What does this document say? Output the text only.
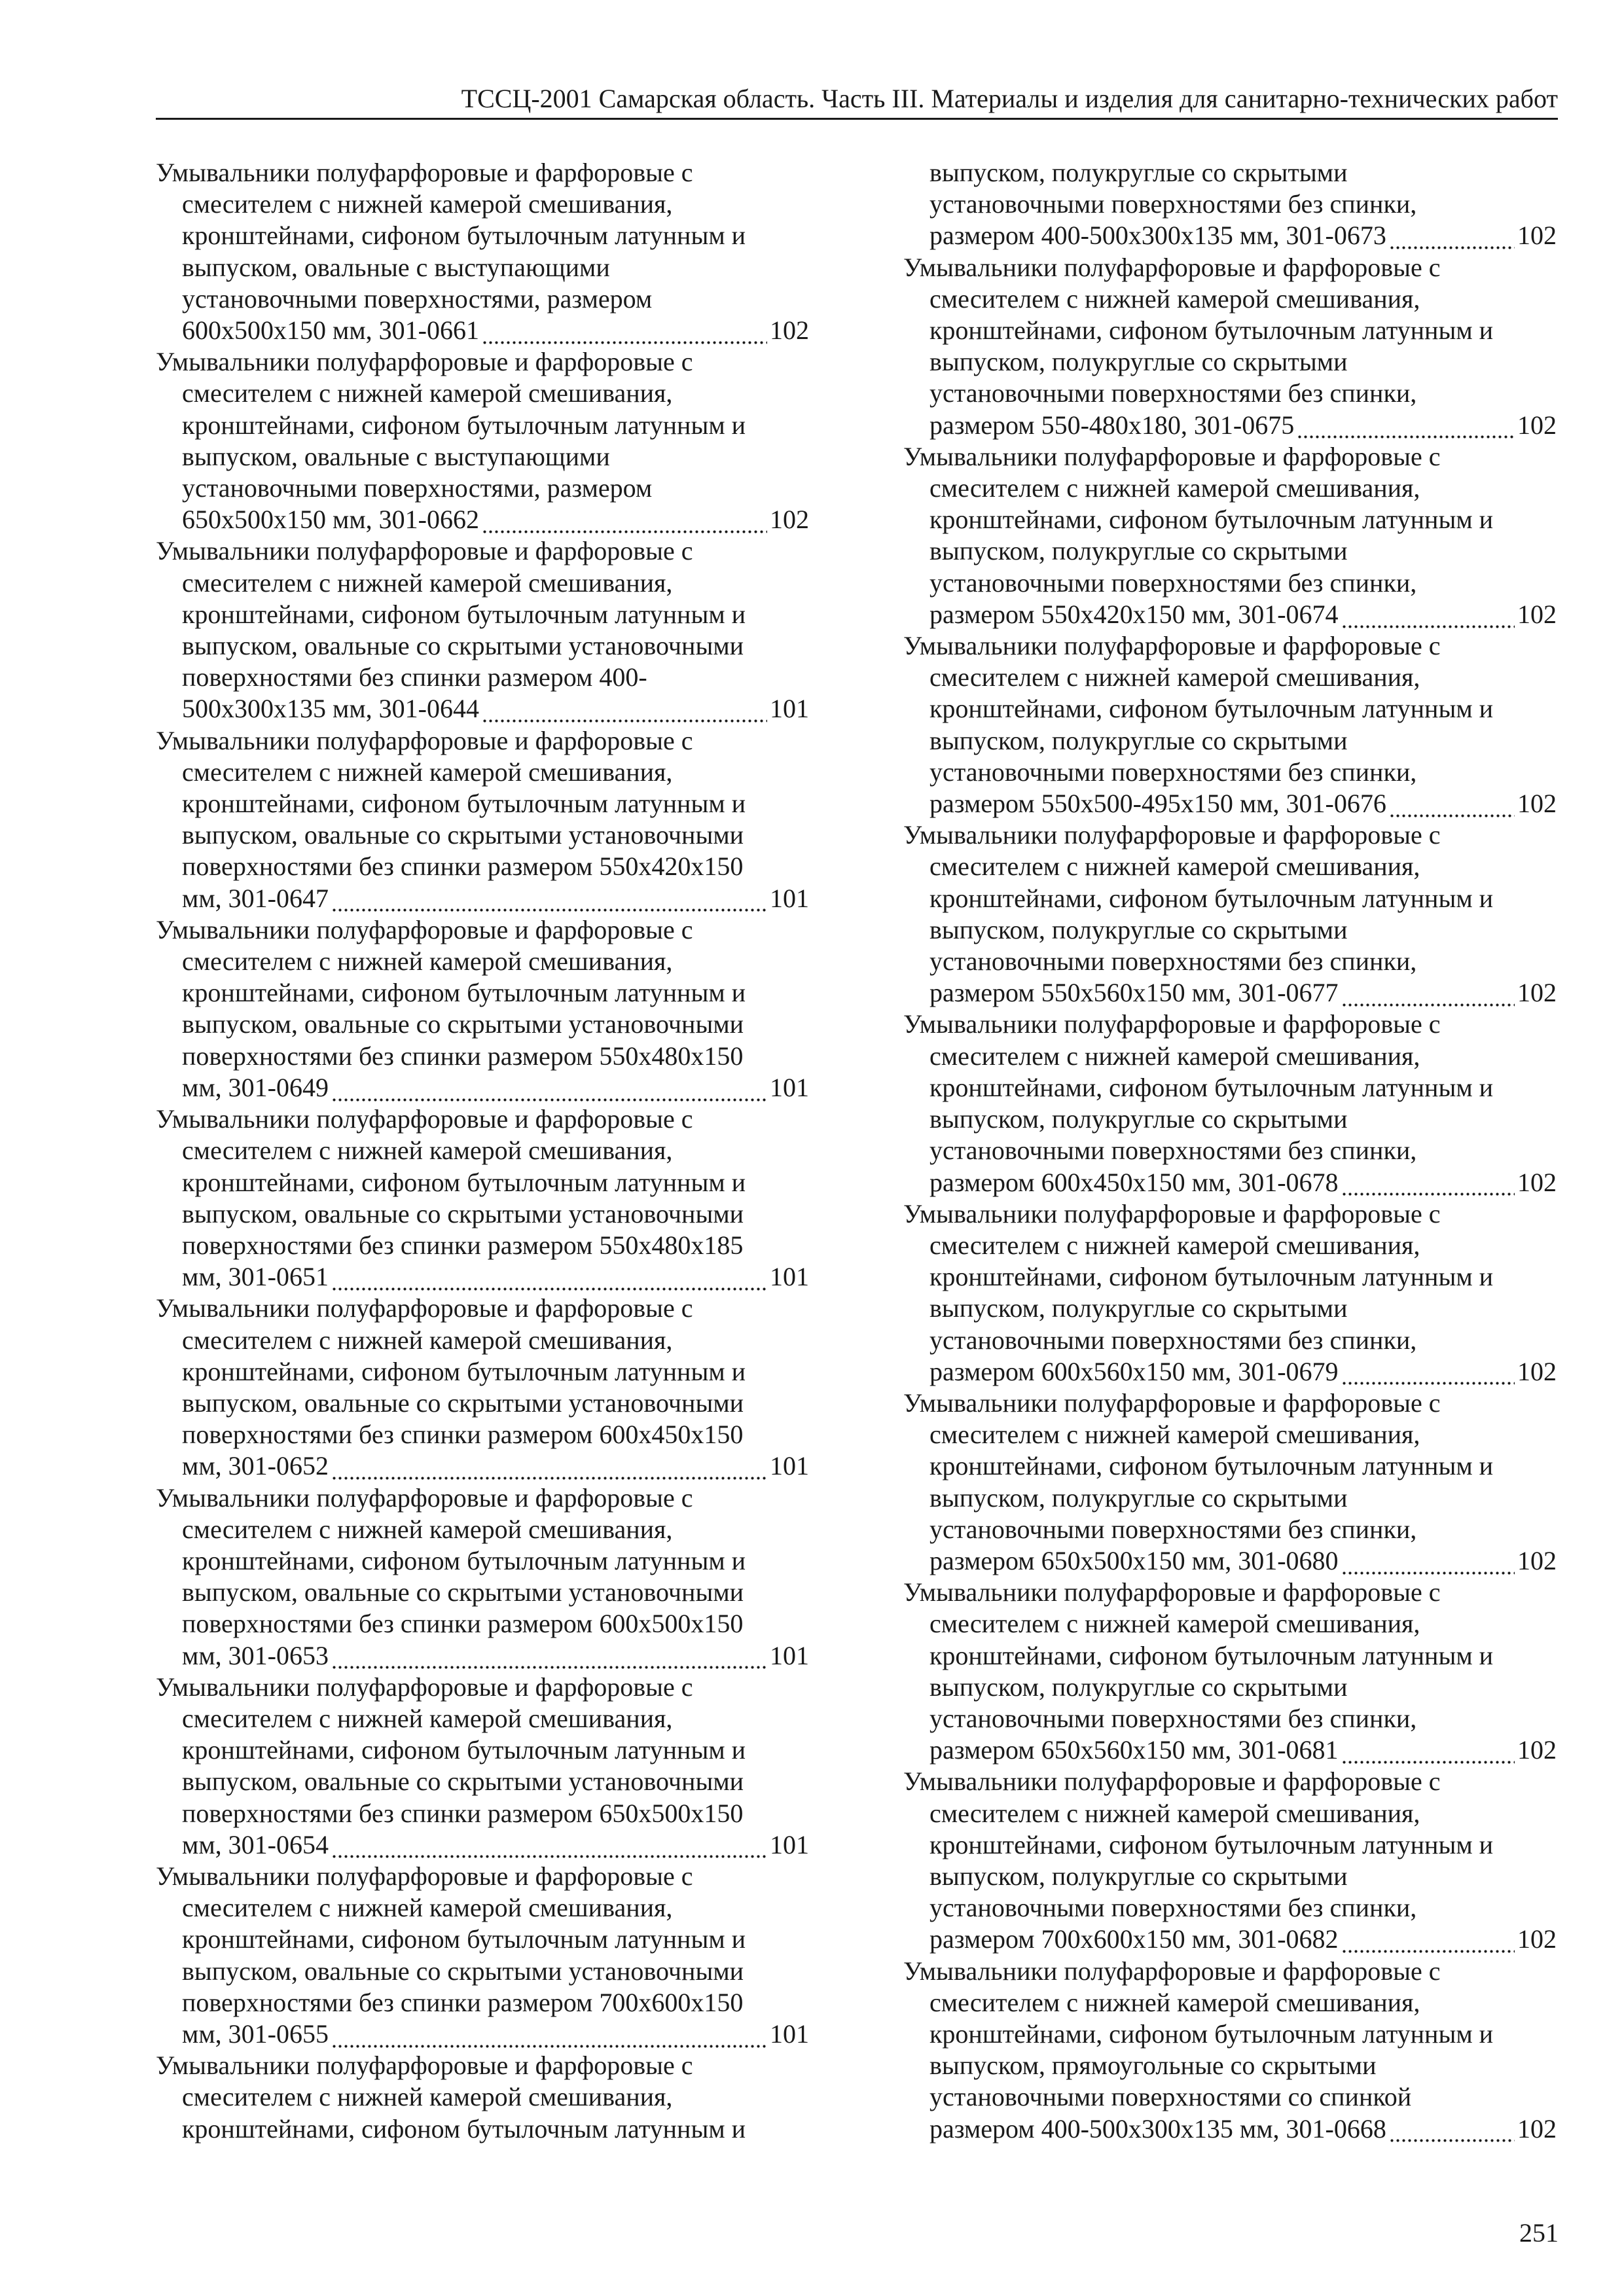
ТССЦ-2001 Самарская область. Часть III. Материалы и изделия для санитарно-технических работ
Умывальники полуфарфоровые и фарфоровые с
смесителем с нижней камерой смешивания,
кронштейнами, сифоном бутылочным латунным и
выпуском, овальные с выступающими
установочными поверхностями, размером
600x500x150 мм, 301-0661	102
Умывальники полуфарфоровые и фарфоровые с
смесителем с нижней камерой смешивания,
кронштейнами, сифоном бутылочным латунным и
выпуском, овальные с выступающими
установочными поверхностями, размером
650x500x150 мм, 301-0662	102
Умывальники полуфарфоровые и фарфоровые с
смесителем с нижней камерой смешивания,
кронштейнами, сифоном бутылочным латунным и
выпуском, овальные со скрытыми установочными
поверхностями без спинки размером 400-
500x300x135 мм, 301-0644	101
Умывальники полуфарфоровые и фарфоровые с
смесителем с нижней камерой смешивания,
кронштейнами, сифоном бутылочным латунным и
выпуском, овальные со скрытыми установочными
поверхностями без спинки размером 550x420x150
мм, 301-0647	101
Умывальники полуфарфоровые и фарфоровые с
смесителем с нижней камерой смешивания,
кронштейнами, сифоном бутылочным латунным и
выпуском, овальные со скрытыми установочными
поверхностями без спинки размером 550x480x150
мм, 301-0649	101
Умывальники полуфарфоровые и фарфоровые с
смесителем с нижней камерой смешивания,
кронштейнами, сифоном бутылочным латунным и
выпуском, овальные со скрытыми установочными
поверхностями без спинки размером 550x480x185
мм, 301-0651	101
Умывальники полуфарфоровые и фарфоровые с
смесителем с нижней камерой смешивания,
кронштейнами, сифоном бутылочным латунным и
выпуском, овальные со скрытыми установочными
поверхностями без спинки размером 600x450x150
мм, 301-0652	101
Умывальники полуфарфоровые и фарфоровые с
смесителем с нижней камерой смешивания,
кронштейнами, сифоном бутылочным латунным и
выпуском, овальные со скрытыми установочными
поверхностями без спинки размером 600x500x150
мм, 301-0653	101
Умывальники полуфарфоровые и фарфоровые с
смесителем с нижней камерой смешивания,
кронштейнами, сифоном бутылочным латунным и
выпуском, овальные со скрытыми установочными
поверхностями без спинки размером 650x500x150
мм, 301-0654	101
Умывальники полуфарфоровые и фарфоровые с
смесителем с нижней камерой смешивания,
кронштейнами, сифоном бутылочным латунным и
выпуском, овальные со скрытыми установочными
поверхностями без спинки размером 700x600x150
мм, 301-0655	101
Умывальники полуфарфоровые и фарфоровые с
смесителем с нижней камерой смешивания,
кронштейнами, сифоном бутылочным латунным и
выпуском, полукруглые со скрытыми
установочными поверхностями без спинки,
размером 400-500x300x135 мм, 301-0673	102
Умывальники полуфарфоровые и фарфоровые с
смесителем с нижней камерой смешивания,
кронштейнами, сифоном бутылочным латунным и
выпуском, полукруглые со скрытыми
установочными поверхностями без спинки,
размером 550-480x180, 301-0675	102
Умывальники полуфарфоровые и фарфоровые с
смесителем с нижней камерой смешивания,
кронштейнами, сифоном бутылочным латунным и
выпуском, полукруглые со скрытыми
установочными поверхностями без спинки,
размером 550x420x150 мм, 301-0674	102
Умывальники полуфарфоровые и фарфоровые с
смесителем с нижней камерой смешивания,
кронштейнами, сифоном бутылочным латунным и
выпуском, полукруглые со скрытыми
установочными поверхностями без спинки,
размером 550x500-495x150 мм, 301-0676	102
Умывальники полуфарфоровые и фарфоровые с
смесителем с нижней камерой смешивания,
кронштейнами, сифоном бутылочным латунным и
выпуском, полукруглые со скрытыми
установочными поверхностями без спинки,
размером 550x560x150 мм, 301-0677	102
Умывальники полуфарфоровые и фарфоровые с
смесителем с нижней камерой смешивания,
кронштейнами, сифоном бутылочным латунным и
выпуском, полукруглые со скрытыми
установочными поверхностями без спинки,
размером 600x450x150 мм, 301-0678	102
Умывальники полуфарфоровые и фарфоровые с
смесителем с нижней камерой смешивания,
кронштейнами, сифоном бутылочным латунным и
выпуском, полукруглые со скрытыми
установочными поверхностями без спинки,
размером 600x560x150 мм, 301-0679	102
Умывальники полуфарфоровые и фарфоровые с
смесителем с нижней камерой смешивания,
кронштейнами, сифоном бутылочным латунным и
выпуском, полукруглые со скрытыми
установочными поверхностями без спинки,
размером 650x500x150 мм, 301-0680	102
Умывальники полуфарфоровые и фарфоровые с
смесителем с нижней камерой смешивания,
кронштейнами, сифоном бутылочным латунным и
выпуском, полукруглые со скрытыми
установочными поверхностями без спинки,
размером 650x560x150 мм, 301-0681	102
Умывальники полуфарфоровые и фарфоровые с
смесителем с нижней камерой смешивания,
кронштейнами, сифоном бутылочным латунным и
выпуском, полукруглые со скрытыми
установочными поверхностями без спинки,
размером 700x600x150 мм, 301-0682	102
Умывальники полуфарфоровые и фарфоровые с
смесителем с нижней камерой смешивания,
кронштейнами, сифоном бутылочным латунным и
выпуском, прямоугольные со скрытыми
установочными поверхностями со спинкой
размером 400-500x300x135 мм, 301-0668	102
251
